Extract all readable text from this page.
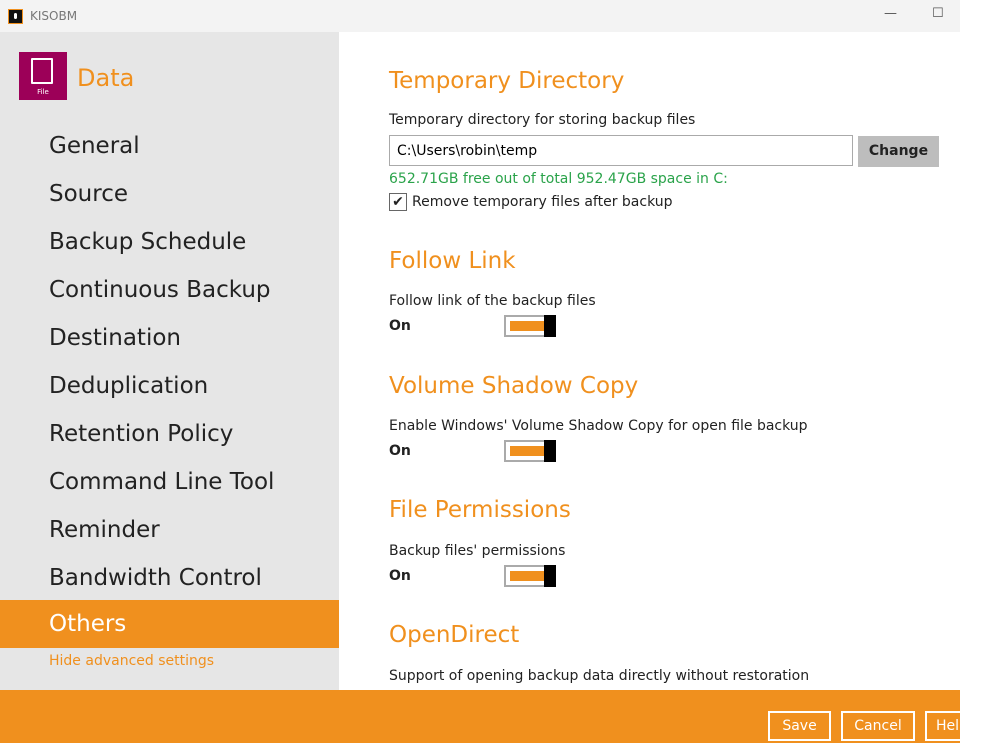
KISOBM	—	☐
File	Data
General
Source
Backup Schedule
Continuous Backup
Destination
Deduplication
Retention Policy
Command Line Tool
Reminder
Bandwidth Control
Others
Hide advanced settings
Temporary Directory
Temporary directory for storing backup files
C:\Users\robin\temp
Change
652.71GB free out of total 952.47GB space in C:
✔ Remove temporary files after backup
Follow Link
Follow link of the backup files
On
Volume Shadow Copy
Enable Windows' Volume Shadow Copy for open file backup
On
File Permissions
Backup files' permissions
On
OpenDirect
Support of opening backup data directly without restoration
Save	Cancel	Help
